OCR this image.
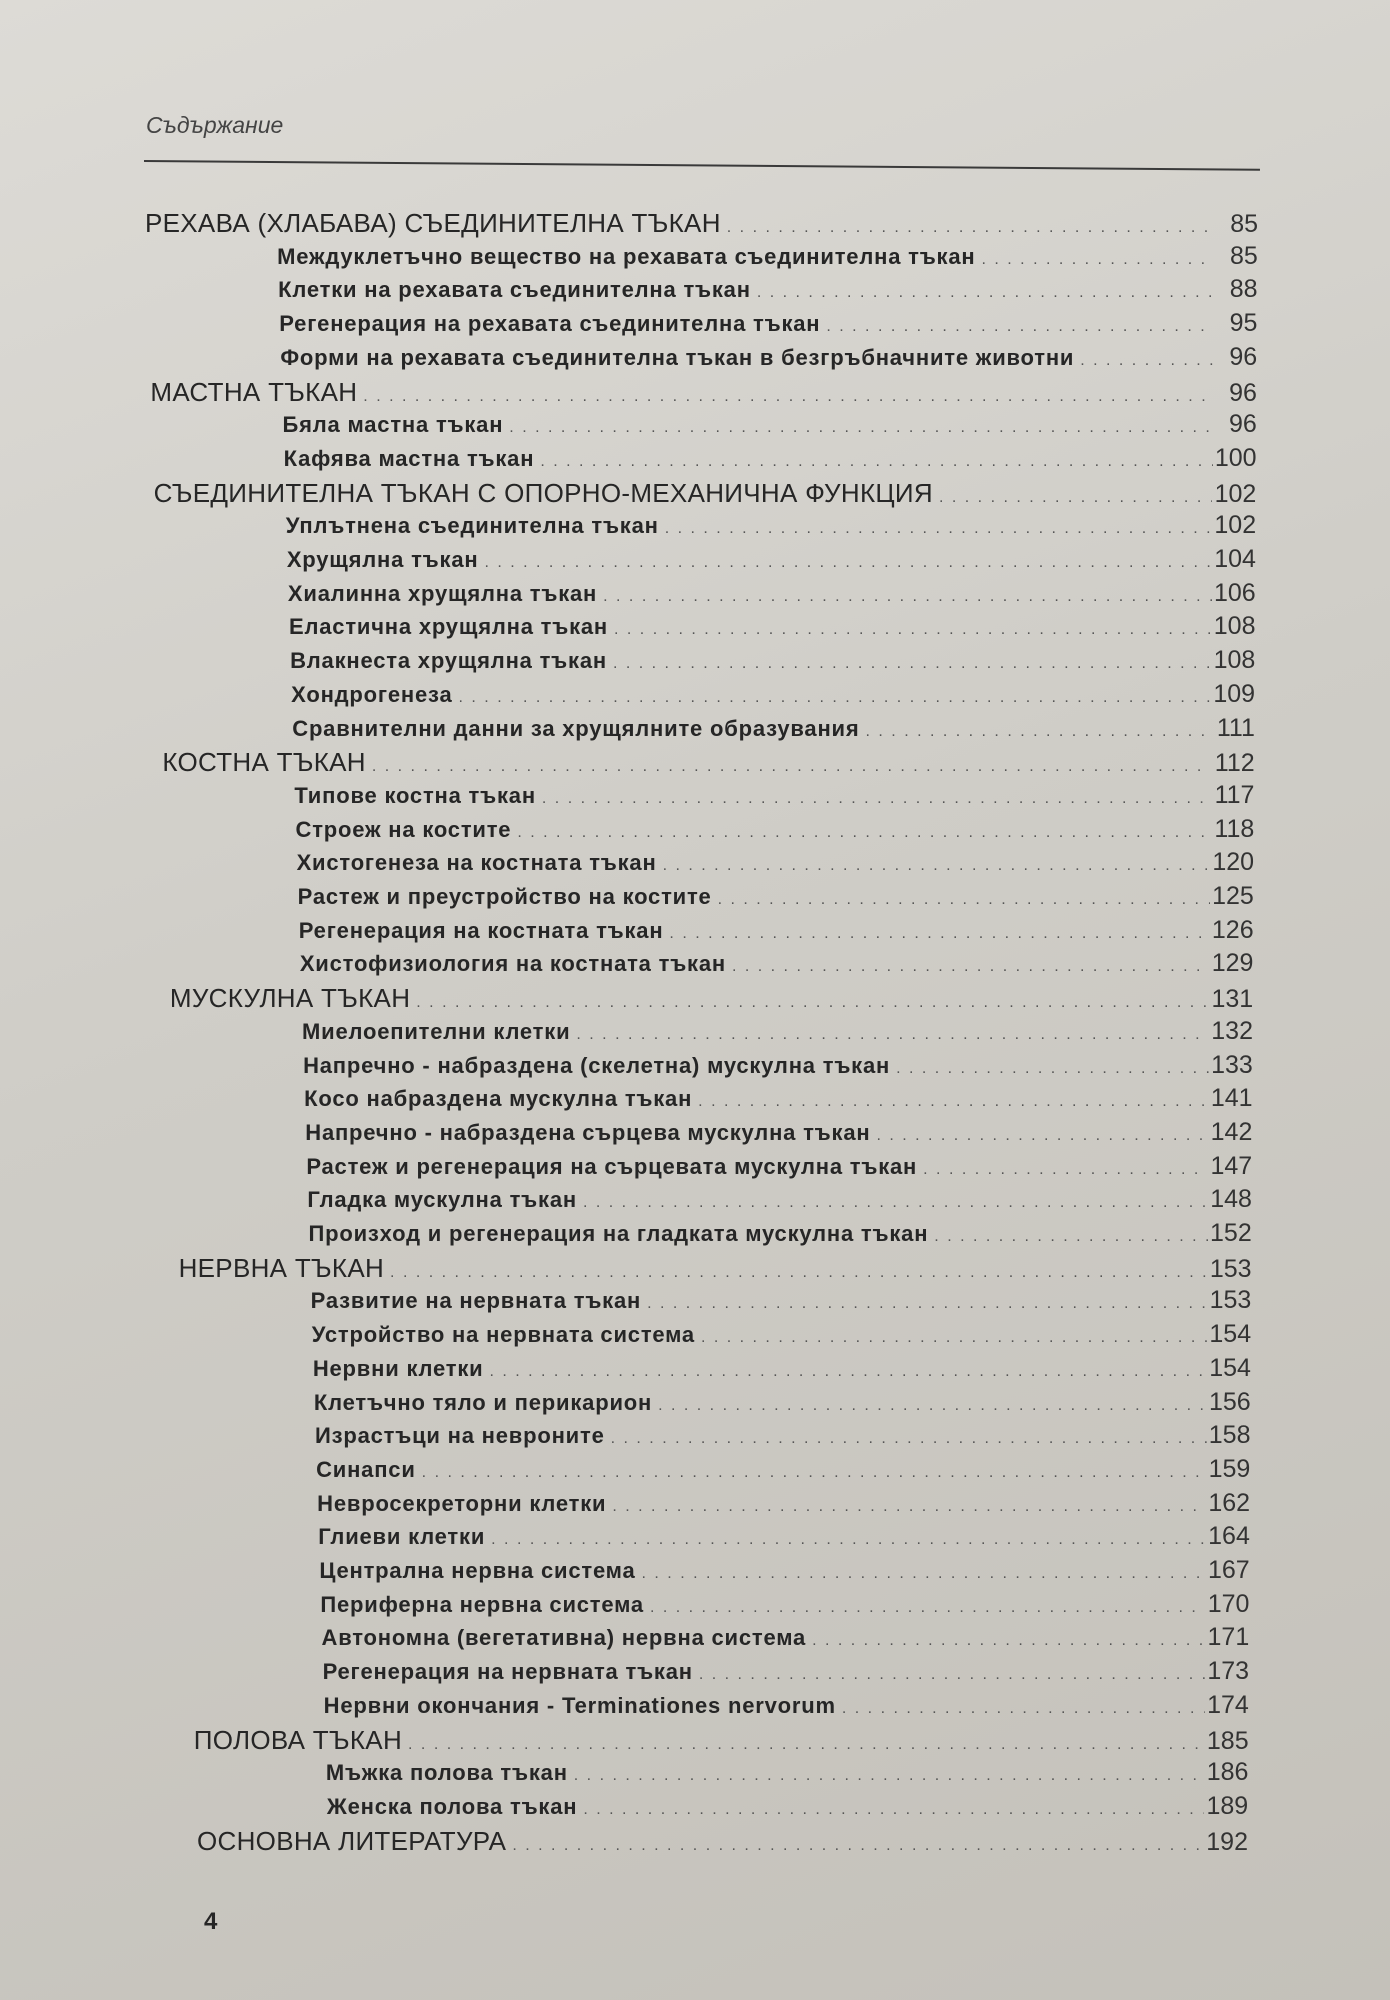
Съдържание
РЕХАВА (ХЛАБАВА) СЪЕДИНИТЕЛНА ТЪКАН . . .	85
Междуклетъчно вещество на рехавата съединителна тъкан . . .	85
Клетки на рехавата съединителна тъкан . . .	88
Регенерация на рехавата съединителна тъкан . . .	95
Форми на рехавата съединителна тъкан в безгръбначните животни . . .	96
МАСТНА ТЪКАН . . .	96
Бяла мастна тъкан . . .	96
Кафява мастна тъкан . . .	100
СЪЕДИНИТЕЛНА ТЪКАН С ОПОРНО-МЕХАНИЧНА ФУНКЦИЯ . . .	102
Уплътнена съединителна тъкан . . .	102
Хрущялна тъкан . . .	104
Хиалинна хрущялна тъкан . . .	106
Еластична хрущялна тъкан . . .	108
Влакнеста хрущялна тъкан . . .	108
Хондрогенеза . . .	109
Сравнителни данни за хрущялните образувания . . .	111
КОСТНА ТЪКАН . . .	112
Типове костна тъкан . . .	117
Строеж на костите . . .	118
Хистогенеза на костната тъкан . . .	120
Растеж и преустройство на костите . . .	125
Регенерация на костната тъкан . . .	126
Хистофизиология на костната тъкан . . .	129
МУСКУЛНА ТЪКАН . . .	131
Миелоепителни клетки . . .	132
Напречно - набраздена (скелетна) мускулна тъкан . . .	133
Косо набраздена мускулна тъкан . . .	141
Напречно - набраздена сърцева мускулна тъкан . . .	142
Растеж и регенерация на сърцевата мускулна тъкан . . .	147
Гладка мускулна тъкан . . .	148
Произход и регенерация на гладката мускулна тъкан . . .	152
НЕРВНА ТЪКАН . . .	153
Развитие на нервната тъкан . . .	153
Устройство на нервната система . . .	154
Нервни клетки . . .	154
Клетъчно тяло и перикарион . . .	156
Израстъци на невроните . . .	158
Синапси . . .	159
Невросекреторни клетки . . .	162
Глиеви клетки . . .	164
Централна нервна система . . .	167
Периферна нервна система . . .	170
Автономна (вегетативна) нервна система . . .	171
Регенерация на нервната тъкан . . .	173
Нервни окончания - Terminationes nervorum . . .	174
ПОЛОВА ТЪКАН . . .	185
Мъжка полова тъкан . . .	186
Женска полова тъкан . . .	189
ОСНОВНА ЛИТЕРАТУРА . . .	192
4
